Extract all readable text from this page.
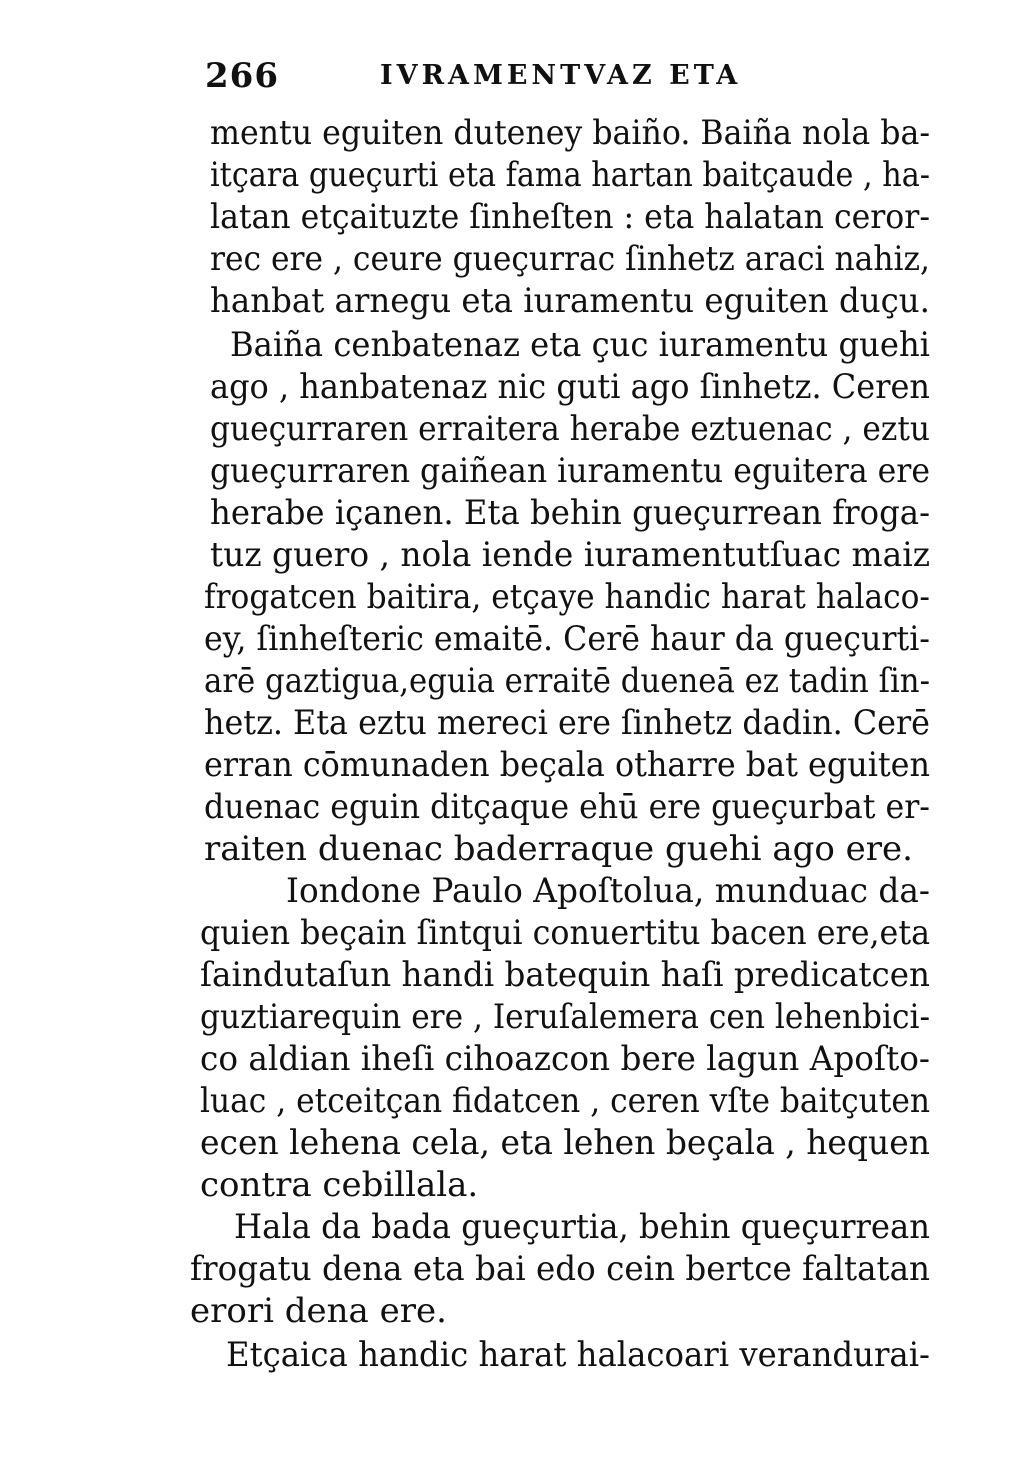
266	IVRAMENTVAZ ETA
mentu eguiten duteney baiño. Baiña nola ba-
itçara gueçurti eta fama hartan baitçaude , ha-
latan etçaituzte ſinheſten : eta halatan ceror-
rec ere , ceure gueçurrac ſinhetz araci nahiz,
hanbat arnegu eta iuramentu eguiten duçu.
Baiña cenbatenaz eta çuc iuramentu guehi
ago , hanbatenaz nic guti ago ſinhetz. Ceren
gueçurraren erraitera herabe eztuenac , eztu
gueçurraren gaiñean iuramentu eguitera ere
herabe içanen. Eta behin gueçurrean froga-
tuz guero , nola iende iuramentutſuac maiz
frogatcen baitira, etçaye handic harat halaco-
ey, ſinheſteric emaitē. Cerē haur da gueçurti-
arē gaztigua,eguia erraitē dueneā ez tadin ſin-
hetz. Eta eztu mereci ere ſinhetz dadin. Cerē
erran cōmunaden beçala otharre bat eguiten
duenac eguin ditçaque ehū ere gueçurbat er-
raiten duenac baderraque guehi ago ere.
Iondone Paulo Apoſtolua, munduac da-
quien beçain ſintqui conuertitu bacen ere,eta
ſaindutaſun handi batequin haſi predicatcen
guztiarequin ere , Ieruſalemera cen lehenbici-
co aldian iheſi cihoazcon bere lagun Apoſto-
luac , etceitçan fidatcen , ceren vſte baitçuten
ecen lehena cela, eta lehen beçala , hequen
contra cebillala.
Hala da bada gueçurtia, behin queçurrean
frogatu dena eta bai edo cein bertce faltatan
erori dena ere.
Etçaica handic harat halacoari verandurai-
